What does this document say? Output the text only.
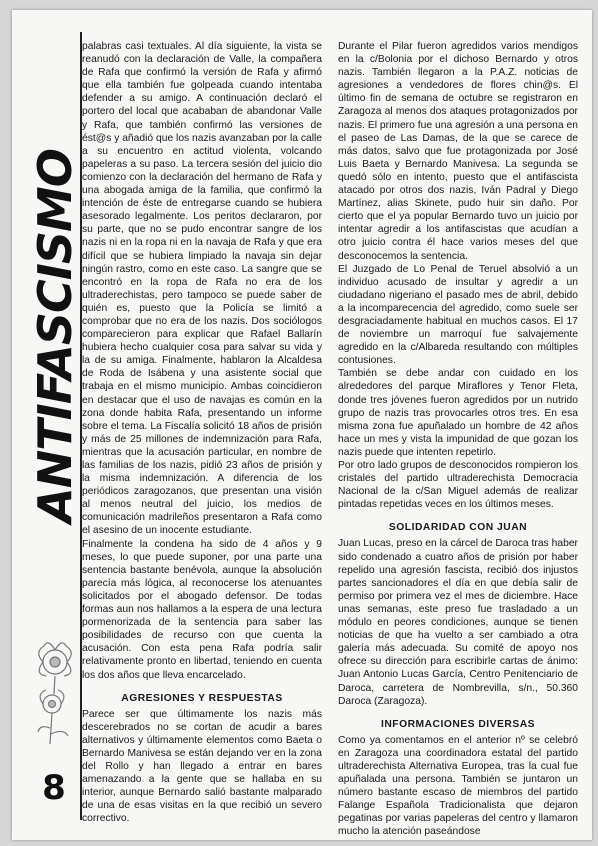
ANTIFASCISMO
8

palabras casi textuales. Al día siguiente, la vista se reanudó con la declaración de Valle, la compañera de Rafa que confirmó la versión de Rafa y afirmó que ella también fue golpeada cuando intentaba defender a su amigo. A continuación declaró el portero del local que acababan de abandonar Valle y Rafa, que también confirmó las versiones de ést@s y añadió que los nazis avanzaban por la calle a su encuentro en actitud violenta, volcando papeleras a su paso. La tercera sesión del juicio dio comienzo con la declaración del hermano de Rafa y una abogada amiga de la familia, que confirmó la intención de éste de entregarse cuando se hubiera asesorado legalmente. Los peritos declararon, por su parte, que no se pudo encontrar sangre de los nazis ni en la ropa ni en la navaja de Rafa y que era difícil que se hubiera limpiado la navaja sin dejar ningún rastro, como en este caso. La sangre que se encontró en la ropa de Rafa no era de los ultraderechistas, pero tampoco se puede saber de quién es, puesto que la Policía se limitó a comprobar que no era de los nazis. Dos sociólogos comparecieron para explicar que Rafael Ballarín hubiera hecho cualquier cosa para salvar su vida y la de su amiga. Finalmente, hablaron la Alcaldesa de Roda de Isábena y una asistente social que trabaja en el mismo municipio. Ambas coincidieron en destacar que el uso de navajas es común en la zona donde habita Rafa, presentando un informe sobre el tema. La Fiscalía solicitó 18 años de prisión y más de 25 millones de indemnización para Rafa, mientras que la acusación particular, en nombre de las familias de los nazis, pidió 23 años de prisión y la misma indemnización. A diferencia de los periódicos zaragozanos, que presentan una visión al menos neutral del juicio, los medios de comunicación madrileños presentaron a Rafa como el asesino de un inocente estudiante.

Finalmente la condena ha sido de 4 años y 9 meses, lo que puede suponer, por una parte una sentencia bastante benévola, aunque la absolución parecía más lógica, al reconocerse los atenuantes solicitados por el abogado defensor. De todas formas aun nos hallamos a la espera de una lectura pormenorizada de la sentencia para saber las posibilidades de recurso con que cuenta la acusación. Con esta pena Rafa podría salir relativamente pronto en libertad, teniendo en cuenta los dos años que lleva encarcelado.

AGRESIONES Y RESPUESTAS

Parece ser que últimamente los nazis más descerebrados no se cortan de acudir a bares alternativos y últimamente elementos como Baeta o Bernardo Manivesa se están dejando ver en la zona del Rollo y han llegado a entrar en bares amenazando a la gente que se hallaba en su interior, aunque Bernardo salió bastante malparado de una de esas visitas en la que recibió un severo correctivo.

Durante el Pilar fueron agredidos varios mendigos en la c/Bolonia por el dichoso Bernardo y otros nazis. También llegaron a la P.A.Z. noticias de agresiones a vendedores de flores chin@s. El último fin de semana de octubre se registraron en Zaragoza al menos dos ataques protagonizados por nazis. El primero fue una agresión a una persona en el paseo de Las Damas, de la que se carece de más datos, salvo que fue protagonizada por José Luis Baeta y Bernardo Manivesa. La segunda se quedó sólo en intento, puesto que el antifascista atacado por otros dos nazis, Iván Padral y Diego Martínez, alias Skinete, pudo huir sin daño. Por cierto que el ya popular Bernardo tuvo un juicio por intentar agredir a los antifascistas que acudían a otro juicio contra él hace varios meses del que desconocemos la sentencia.

El Juzgado de Lo Penal de Teruel absolvió a un individuo acusado de insultar y agredir a un ciudadano nigeriano el pasado mes de abril, debido a la incomparecencia del agredido, como suele ser desgraciadamente habitual en muchos casos. El 17 de noviembre un marroquí fue salvajemente agredido en la c/Albareda resultando con múltiples contusiones.

También se debe andar con cuidado en los alrededores del parque Miraflores y Tenor Fleta, donde tres jóvenes fueron agredidos por un nutrido grupo de nazis tras provocarles otros tres. En esa misma zona fue apuñalado un hombre de 42 años hace un mes y vista la impunidad de que gozan los nazis puede que intenten repetirlo.

Por otro lado grupos de desconocidos rompieron los cristales del partido ultraderechista Democracia Nacional de la c/San Miguel además de realizar pintadas repetidas veces en los últimos meses.

SOLIDARIDAD CON JUAN

Juan Lucas, preso en la cárcel de Daroca tras haber sido condenado a cuatro años de prisión por haber repelido una agresión fascista, recibió dos injustos partes sancionadores el día en que debía salir de permiso por primera vez el mes de diciembre. Hace unas semanas, este preso fue trasladado a un módulo en peores condiciones, aunque se tienen noticias de que ha vuelto a ser cambiado a otra galería más adecuada. Su comité de apoyo nos ofrece su dirección para escribirle cartas de ánimo: Juan Antonio Lucas García, Centro Penitenciario de Daroca, carretera de Nombrevilla, s/n., 50.360 Daroca (Zaragoza).

INFORMACIONES DIVERSAS

Como ya comentamos en el anterior nº se celebró en Zaragoza una coordinadora estatal del partido ultraderechista Alternativa Europea, tras la cual fue apuñalada una persona. También se juntaron un número bastante escaso de miembros del partido Falange Española Tradicionalista que dejaron pegatinas por varias papeleras del centro y llamaron mucho la atención paseándose
